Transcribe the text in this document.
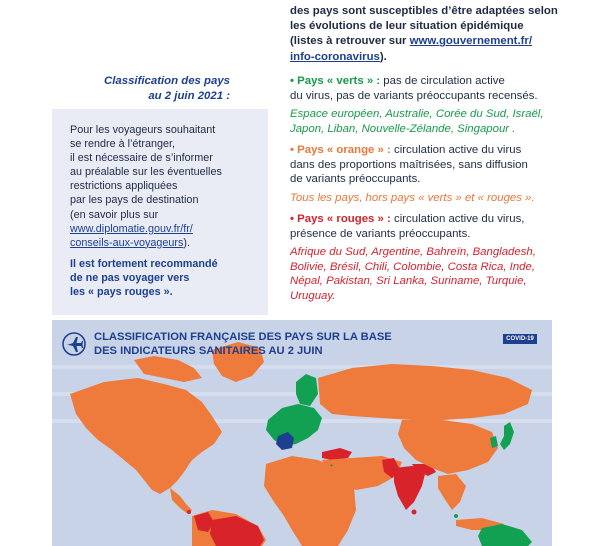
des pays sont susceptibles d’être adaptées selon
les évolutions de leur situation épidémique
(listes à retrouver sur www.gouvernement.fr/
info-coronavirus).
Classification des pays
au 2 juin 2021 :
Pour les voyageurs souhaitant
se rendre à l’étranger,
il est nécessaire de s’informer
au préalable sur les éventuelles
restrictions appliquées
par les pays de destination
(en savoir plus sur
www.diplomatie.gouv.fr/fr/
conseils-aux-voyageurs).
Il est fortement recommandé
de ne pas voyager vers
les « pays rouges ».
• Pays « verts » : pas de circulation active
du virus, pas de variants préoccupants recensés.
Espace européen, Australie, Corée du Sud, Israël,
Japon, Liban, Nouvelle-Zélande, Singapour .
• Pays « orange » : circulation active du virus
dans des proportions maîtrisées, sans diffusion
de variants préoccupants.
Tous les pays, hors pays « verts » et « rouges ».
• Pays « rouges » : circulation active du virus,
présence de variants préoccupants.
Afrique du Sud, Argentine, Bahreïn, Bangladesh,
Bolivie, Brésil, Chili, Colombie, Costa Rica, Inde,
Népal, Pakistan, Sri Lanka, Suriname, Turquie,
Uruguay.
CLASSIFICATION FRANÇAISE DES PAYS SUR LA BASE
DES INDICATEURS SANITAIRES AU 2 JUIN
COVID-19
